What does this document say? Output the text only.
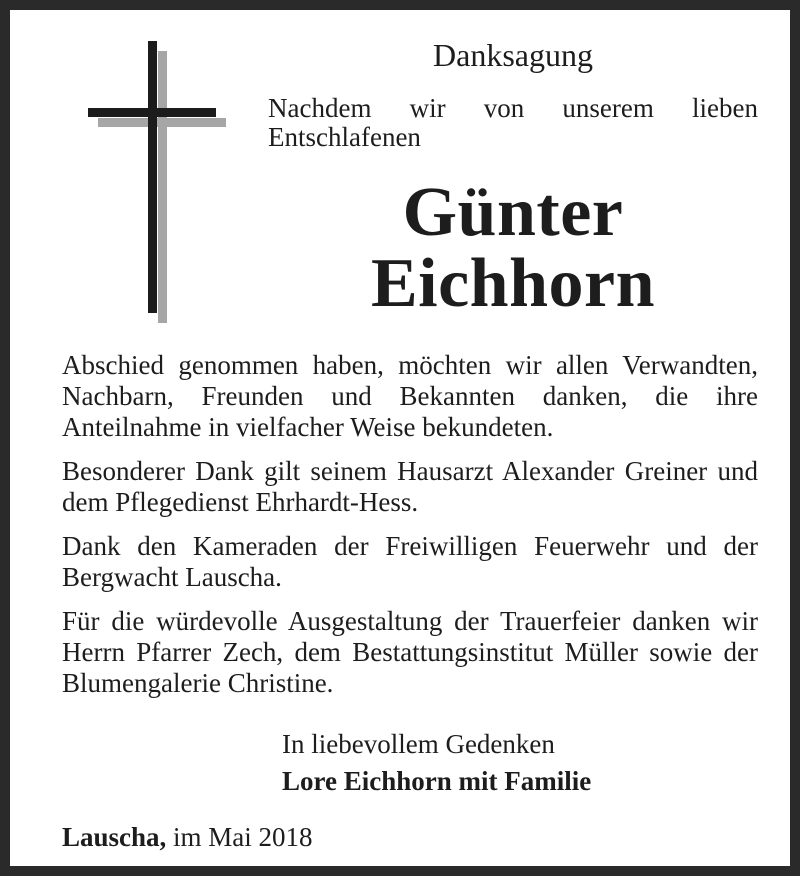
Danksagung
Nachdem wir von unserem lieben Entschlafenen
Günter
Eichhorn

Abschied genommen haben, möchten wir allen Verwandten, Nachbarn, Freunden und Bekannten danken, die ihre Anteilnahme in vielfacher Weise bekundeten.

Besonderer Dank gilt seinem Hausarzt Alexander Greiner und dem Pflegedienst Ehrhardt-Hess.

Dank den Kameraden der Freiwilligen Feuerwehr und der Bergwacht Lauscha.

Für die würdevolle Ausgestaltung der Trauerfeier danken wir Herrn Pfarrer Zech, dem Bestattungsinstitut Müller sowie der Blumengalerie Christine.

In liebevollem Gedenken
Lore Eichhorn mit Familie
Lauscha, im Mai 2018
